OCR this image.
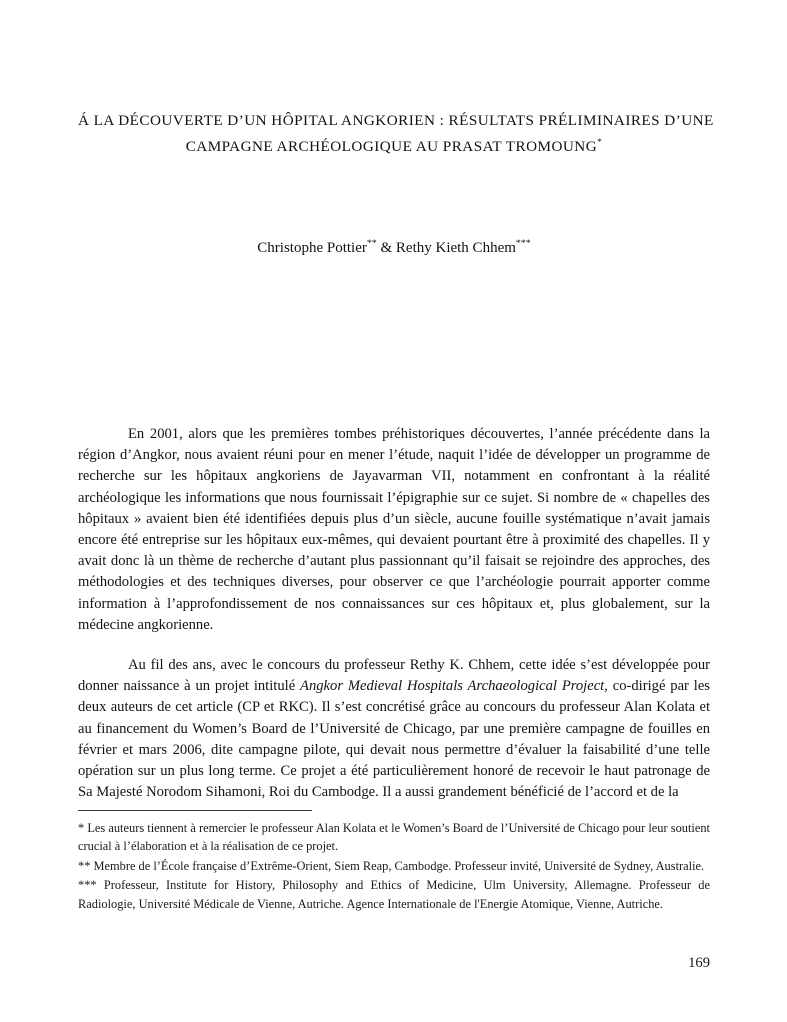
Á LA DÉCOUVERTE D’UN HÔPITAL ANGKORIEN : RÉSULTATS PRÉLIMINAIRES D’UNE
CAMPAGNE ARCHÉOLOGIQUE AU PRASAT TROMOUNG*
Christophe Pottier** & Rethy Kieth Chhem***

En 2001, alors que les premières tombes préhistoriques découvertes, l’année précédente dans la région d’Angkor, nous avaient réuni pour en mener l’étude, naquit l’idée de développer un programme de recherche sur les hôpitaux angkoriens de Jayavarman VII, notamment en confrontant à la réalité archéologique les informations que nous fournissait l’épigraphie sur ce sujet. Si nombre de « chapelles des hôpitaux » avaient bien été identifiées depuis plus d’un siècle, aucune fouille systématique n’avait jamais encore été entreprise sur les hôpitaux eux-mêmes, qui devaient pourtant être à proximité des chapelles. Il y avait donc là un thème de recherche d’autant plus passionnant qu’il faisait se rejoindre des approches, des méthodologies et des techniques diverses, pour observer ce que l’archéologie pourrait apporter comme information à l’approfondissement de nos connaissances sur ces hôpitaux et, plus globalement, sur la médecine angkorienne.

Au fil des ans, avec le concours du professeur Rethy K. Chhem, cette idée s’est développée pour donner naissance à un projet intitulé Angkor Medieval Hospitals Archaeological Project, co-dirigé par les deux auteurs de cet article (CP et RKC). Il s’est concrétisé grâce au concours du professeur Alan Kolata et au financement du Women’s Board de l’Université de Chicago, par une première campagne de fouilles en février et mars 2006, dite campagne pilote, qui devait nous permettre d’évaluer la faisabilité d’une telle opération sur un plus long terme. Ce projet a été particulièrement honoré de recevoir le haut patronage de Sa Majesté Norodom Sihamoni, Roi du Cambodge. Il a aussi grandement bénéficié de l’accord et de la

* Les auteurs tiennent à remercier le professeur Alan Kolata et le Women’s Board de l’Université de Chicago pour leur soutient crucial à l’élaboration et à la réalisation de ce projet.

** Membre de l’École française d’Extrême-Orient, Siem Reap, Cambodge. Professeur invité, Université de Sydney, Australie.

*** Professeur, Institute for History, Philosophy and Ethics of Medicine, Ulm University, Allemagne. Professeur de Radiologie, Université Médicale de Vienne, Autriche. Agence Internationale de l'Energie Atomique, Vienne, Autriche.

169
